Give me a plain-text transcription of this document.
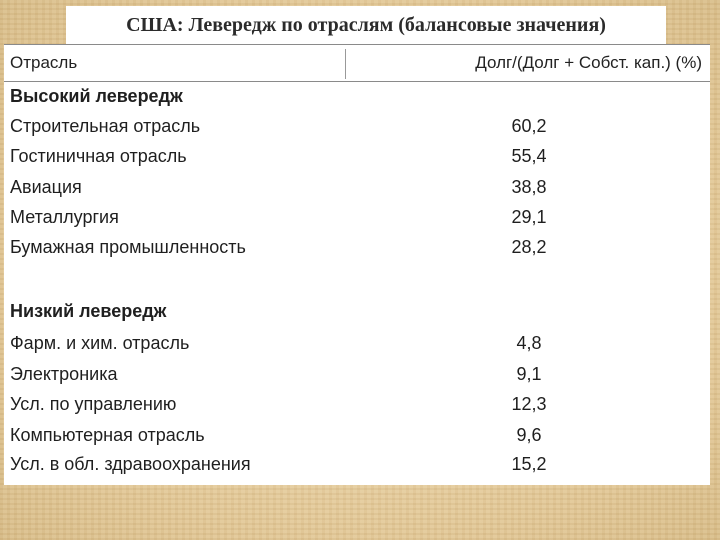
США: Левередж по отраслям (балансовые значения)
Отрасль	Долг/(Долг + Собст. кап.) (%)
Высокий левередж
Строительная отрасль	60,2
Гостиничная отрасль	55,4
Авиация	38,8
Металлургия	29,1
Бумажная промышленность	28,2
Низкий левередж
Фарм. и хим. отрасль	4,8
Электроника	9,1
Усл. по управлению	12,3
Компьютерная отрасль	9,6
Усл. в обл. здравоохранения	15,2
